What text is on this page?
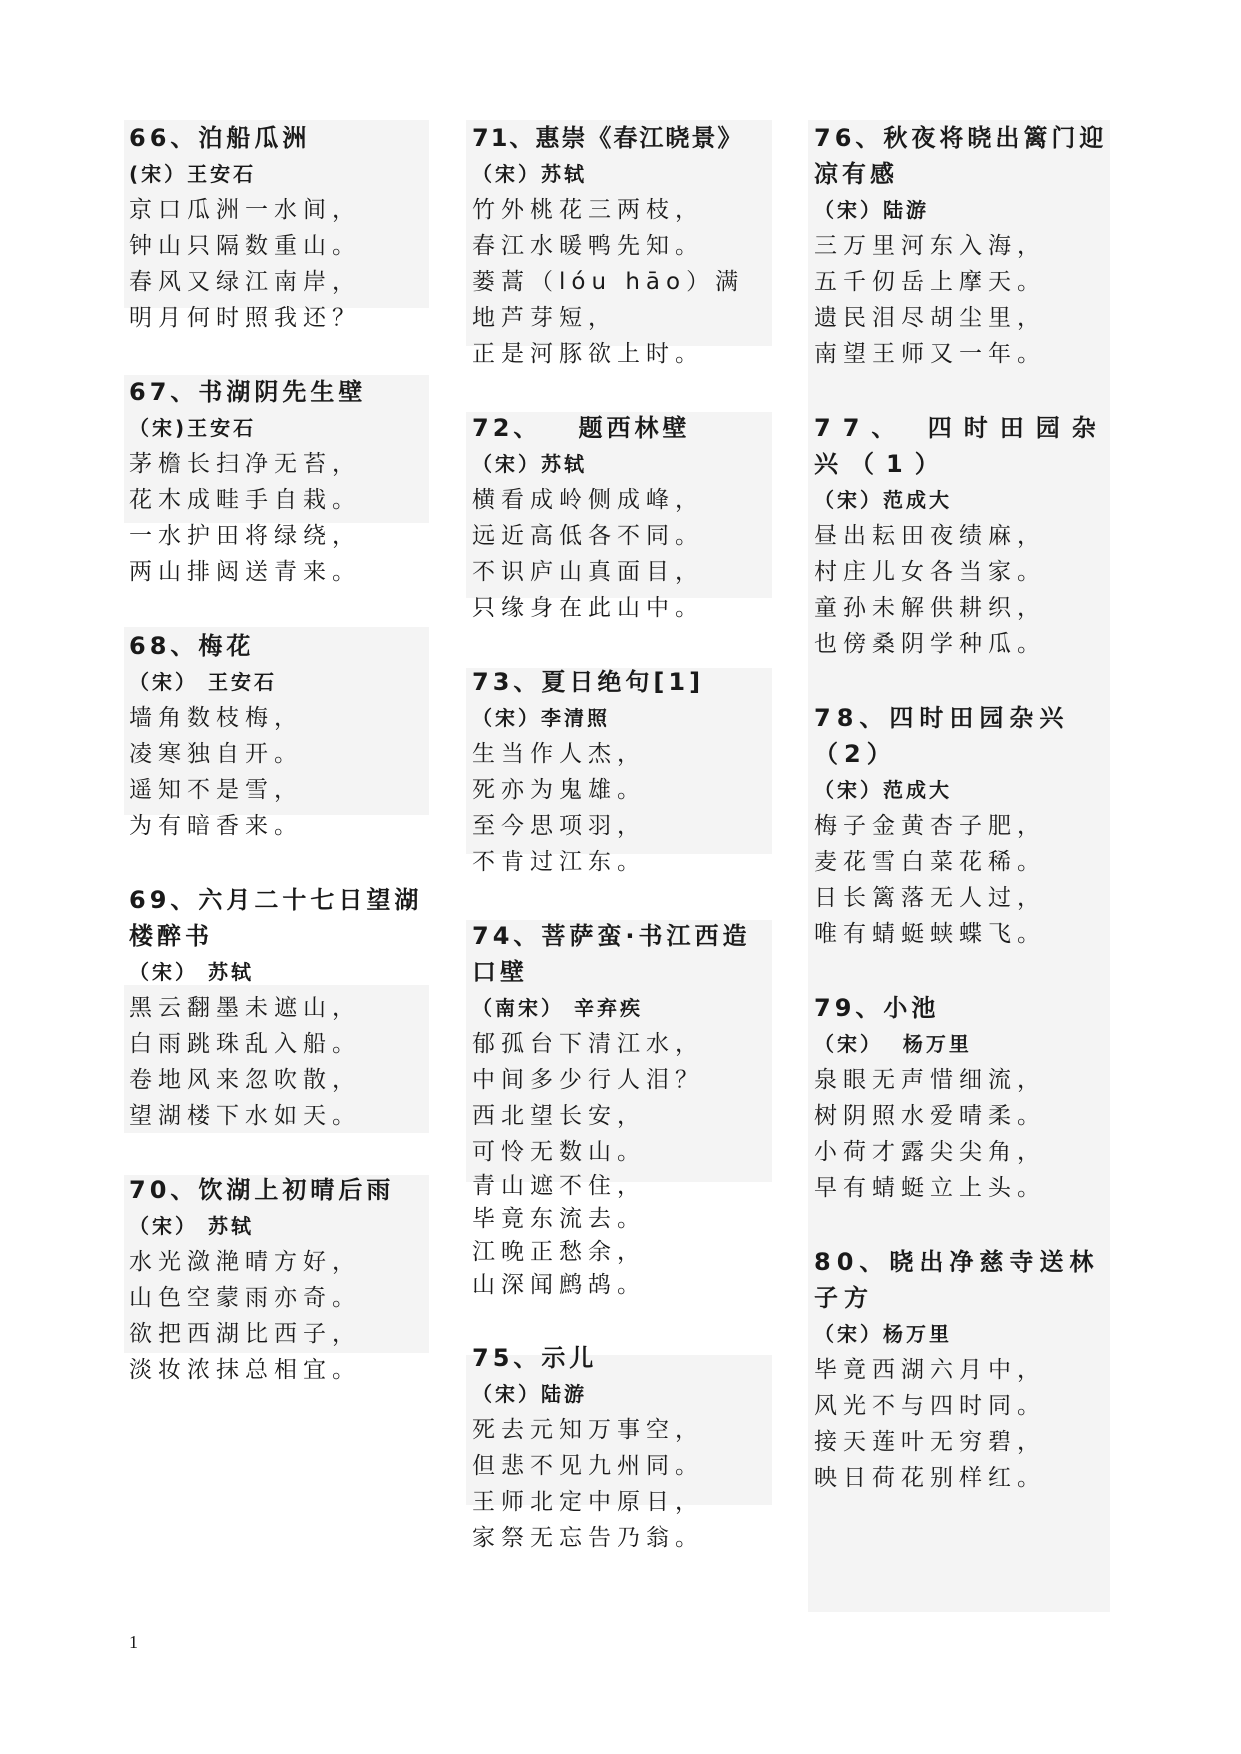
66、泊船瓜洲
(宋）王安石
京口瓜洲一水间，
钟山只隔数重山。
春风又绿江南岸，
明月何时照我还？
67、书湖阴先生壁
（宋)王安石
茅檐长扫净无苔，
花木成畦手自栽。
一水护田将绿绕，
两山排闼送青来。
68、梅花
（宋） 王安石
墙角数枝梅，
凌寒独自开。
遥知不是雪，
为有暗香来。
69、六月二十七日望湖楼醉书
（宋） 苏轼
黑云翻墨未遮山，
白雨跳珠乱入船。
卷地风来忽吹散，
望湖楼下水如天。
70、饮湖上初晴后雨
（宋） 苏轼
水光潋滟晴方好，
山色空蒙雨亦奇。
欲把西湖比西子，
淡妆浓抹总相宜。
71、惠崇《春江晓景》
（宋）苏轼
竹外桃花三两枝，
春江水暖鸭先知。
蒌蒿（lóu hāo）满地芦芽短，
正是河豚欲上时。
72、   题西林壁
（宋）苏轼
横看成岭侧成峰，
远近高低各不同。
不识庐山真面目，
只缘身在此山中。
73、夏日绝句[1]
（宋）李清照
生当作人杰，
死亦为鬼雄。
至今思项羽，
不肯过江东。
74、菩萨蛮·书江西造口壁
（南宋） 辛弃疾
郁孤台下清江水，
中间多少行人泪？
西北望长安，
可怜无数山。
青山遮不住，
毕竟东流去。
江晚正愁余，
山深闻鹧鸪。
75、示儿
（宋）陆游
死去元知万事空，
但悲不见九州同。
王师北定中原日，
家祭无忘告乃翁。
76、秋夜将晓出篱门迎凉有感
（宋）陆游
三万里河东入海，
五千仞岳上摩天。
遗民泪尽胡尘里，
南望王师又一年。
77、 四时田园杂兴（1）
（宋）范成大
昼出耘田夜绩麻，
村庄儿女各当家。
童孙未解供耕织，
也傍桑阴学种瓜。
78、四时田园杂兴（2）
（宋）范成大
梅子金黄杏子肥，
麦花雪白菜花稀。
日长篱落无人过，
唯有蜻蜓蛱蝶飞。
79、小池
（宋）  杨万里
泉眼无声惜细流，
树阴照水爱晴柔。
小荷才露尖尖角，
早有蜻蜓立上头。
80、晓出净慈寺送林子方
（宋）杨万里
毕竟西湖六月中，
风光不与四时同。
接天莲叶无穷碧，
映日荷花别样红。
1
